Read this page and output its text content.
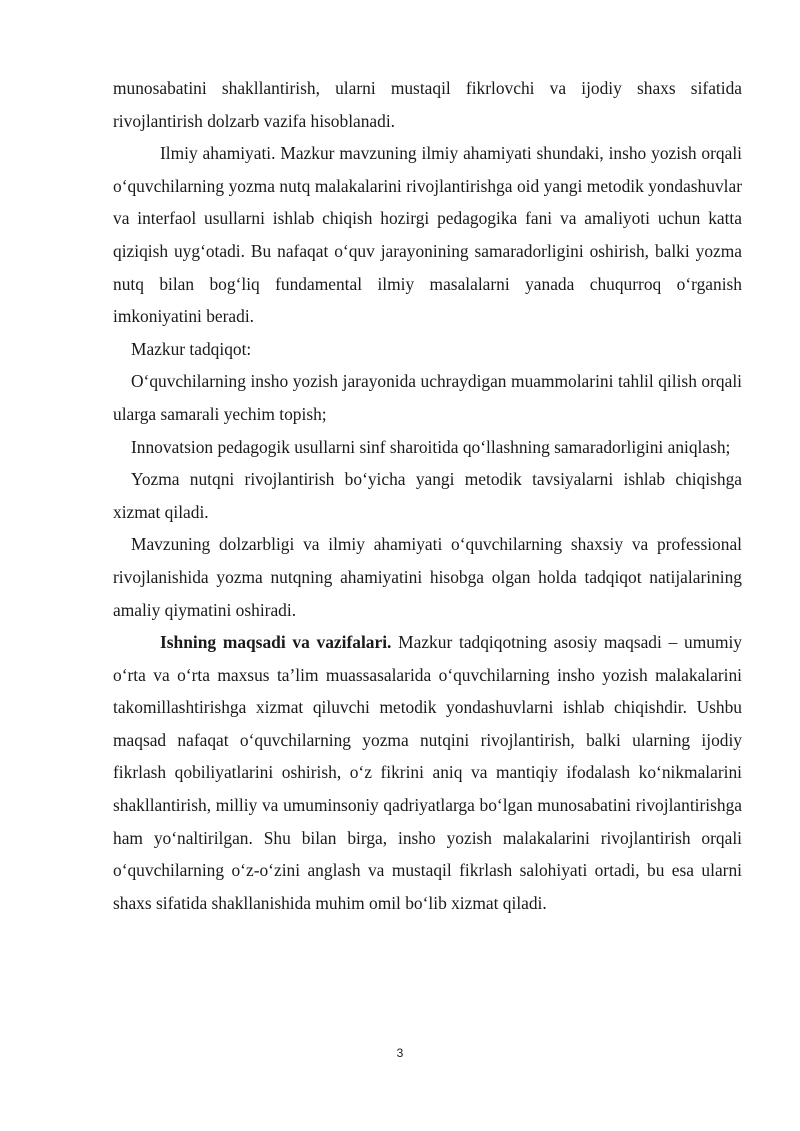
munosabatini shakllantirish, ularni mustaqil fikrlovchi va ijodiy shaxs sifatida rivojlantirish dolzarb vazifa hisoblanadi.

Ilmiy ahamiyati. Mazkur mavzuning ilmiy ahamiyati shundaki, insho yozish orqali o‘quvchilarning yozma nutq malakalarini rivojlantirishga oid yangi metodik yondashuvlar va interfaol usullarni ishlab chiqish hozirgi pedagogika fani va amaliyoti uchun katta qiziqish uyg‘otadi. Bu nafaqat o‘quv jarayonining samaradorligini oshirish, balki yozma nutq bilan bog‘liq fundamental ilmiy masalalarni yanada chuqurroq o‘rganish imkoniyatini beradi.

Mazkur tadqiqot:

O‘quvchilarning insho yozish jarayonida uchraydigan muammolarini tahlil qilish orqali ularga samarali yechim topish;

Innovatsion pedagogik usullarni sinf sharoitida qo‘llashning samaradorligini aniqlash;

Yozma nutqni rivojlantirish bo‘yicha yangi metodik tavsiyalarni ishlab chiqishga xizmat qiladi.

Mavzuning dolzarbligi va ilmiy ahamiyati o‘quvchilarning shaxsiy va professional rivojlanishida yozma nutqning ahamiyatini hisobga olgan holda tadqiqot natijalarining amaliy qiymatini oshiradi.

Ishning maqsadi va vazifalari. Mazkur tadqiqotning asosiy maqsadi – umumiy o‘rta va o‘rta maxsus ta’lim muassasalarida o‘quvchilarning insho yozish malakalarini takomillashtirishga xizmat qiluvchi metodik yondashuvlarni ishlab chiqishdir. Ushbu maqsad nafaqat o‘quvchilarning yozma nutqini rivojlantirish, balki ularning ijodiy fikrlash qobiliyatlarini oshirish, o‘z fikrini aniq va mantiqiy ifodalash ko‘nikmalarini shakllantirish, milliy va umuminsoniy qadriyatlarga bo‘lgan munosabatini rivojlantirishga ham yo‘naltirilgan. Shu bilan birga, insho yozish malakalarini rivojlantirish orqali o‘quvchilarning o‘z-o‘zini anglash va mustaqil fikrlash salohiyati ortadi, bu esa ularni shaxs sifatida shakllanishida muhim omil bo‘lib xizmat qiladi.

3
